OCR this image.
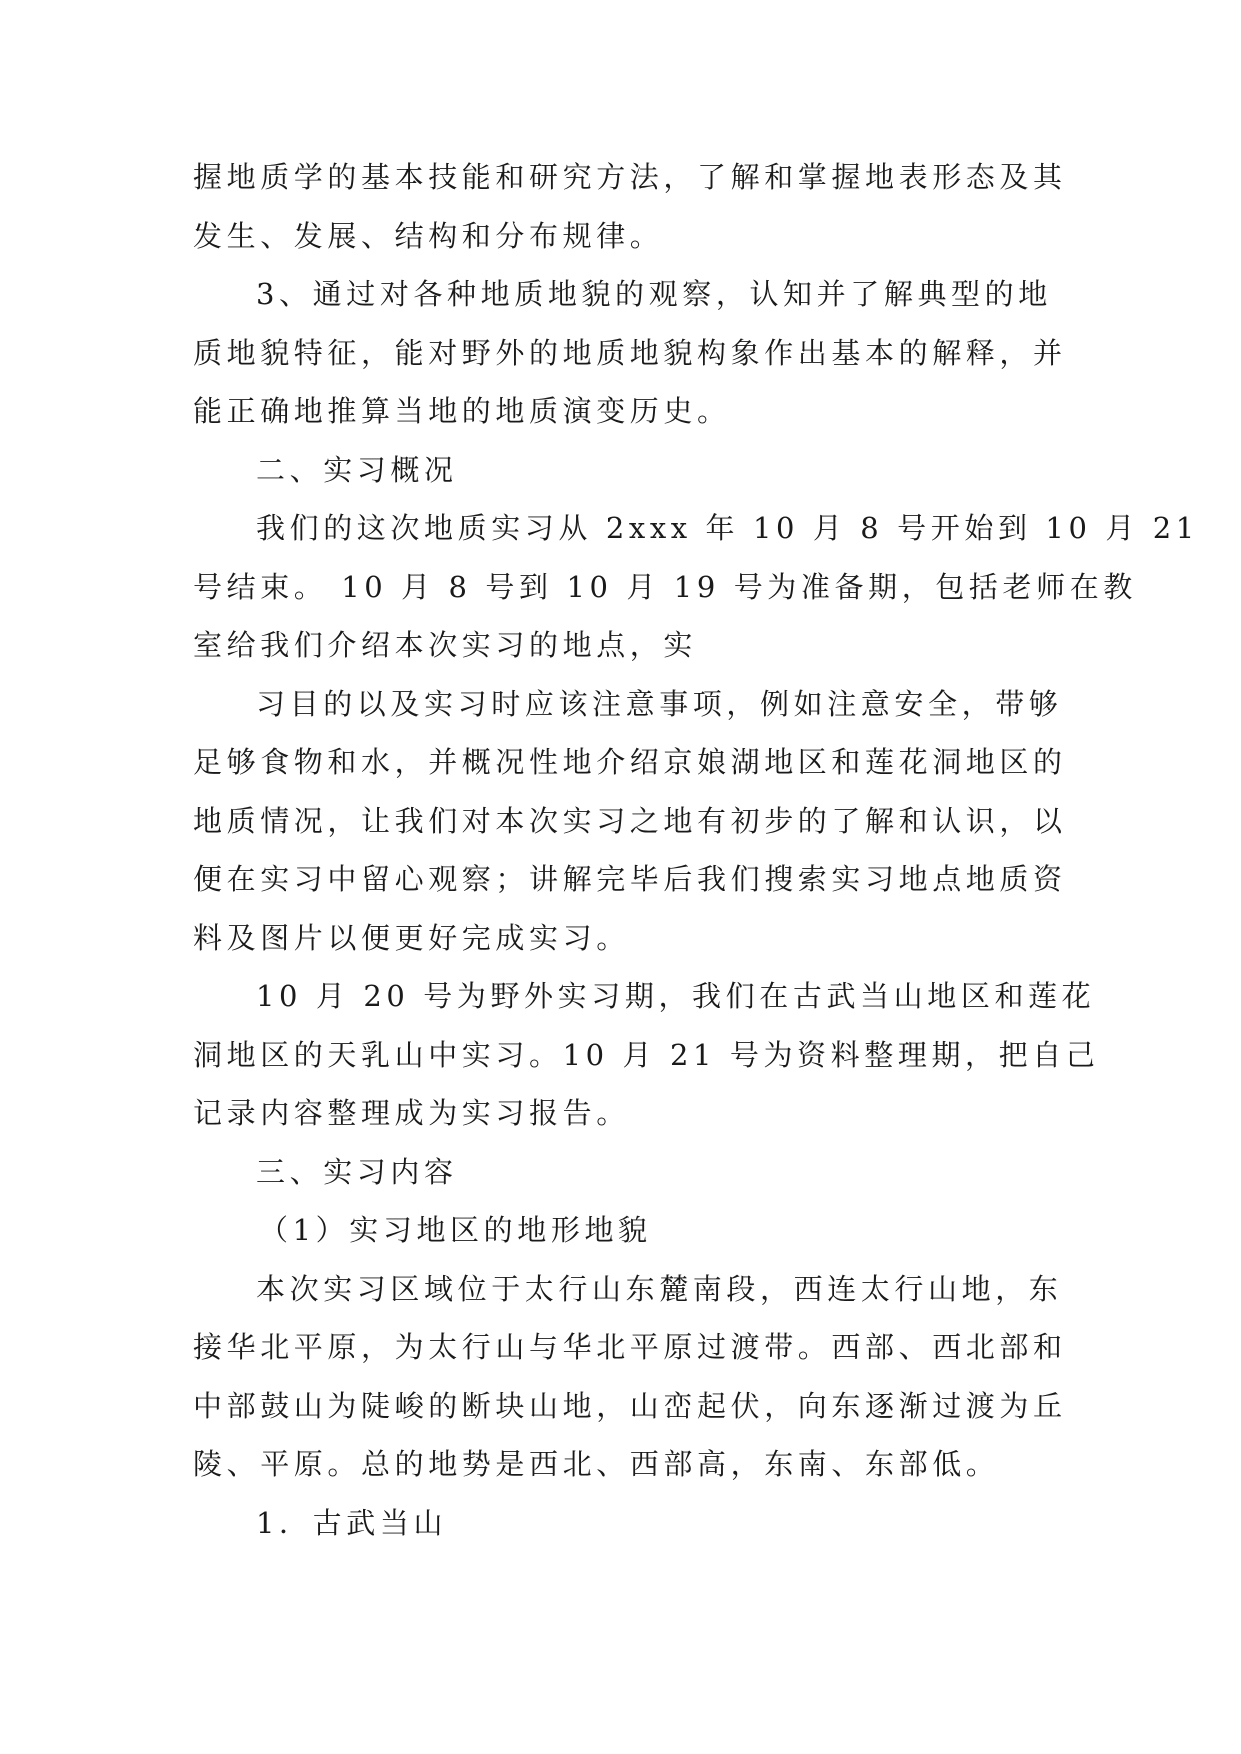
握地质学的基本技能和研究方法，了解和掌握地表形态及其
发生、发展、结构和分布规律。
3、通过对各种地质地貌的观察，认知并了解典型的地
质地貌特征，能对野外的地质地貌构象作出基本的解释，并
能正确地推算当地的地质演变历史。
二、实习概况
我们的这次地质实习从 2xxx 年 10 月 8 号开始到 10 月 21
号结束。 10 月 8 号到 10 月 19 号为准备期，包括老师在教
室给我们介绍本次实习的地点，实
习目的以及实习时应该注意事项，例如注意安全，带够
足够食物和水，并概况性地介绍京娘湖地区和莲花洞地区的
地质情况，让我们对本次实习之地有初步的了解和认识，以
便在实习中留心观察；讲解完毕后我们搜索实习地点地质资
料及图片以便更好完成实习。
10 月 20 号为野外实习期，我们在古武当山地区和莲花
洞地区的天乳山中实习。10 月 21 号为资料整理期，把自己
记录内容整理成为实习报告。
三、实习内容
（1）实习地区的地形地貌
本次实习区域位于太行山东麓南段，西连太行山地，东
接华北平原，为太行山与华北平原过渡带。西部、西北部和
中部鼓山为陡峻的断块山地，山峦起伏，向东逐渐过渡为丘
陵、平原。总的地势是西北、西部高，东南、东部低。
1．古武当山
